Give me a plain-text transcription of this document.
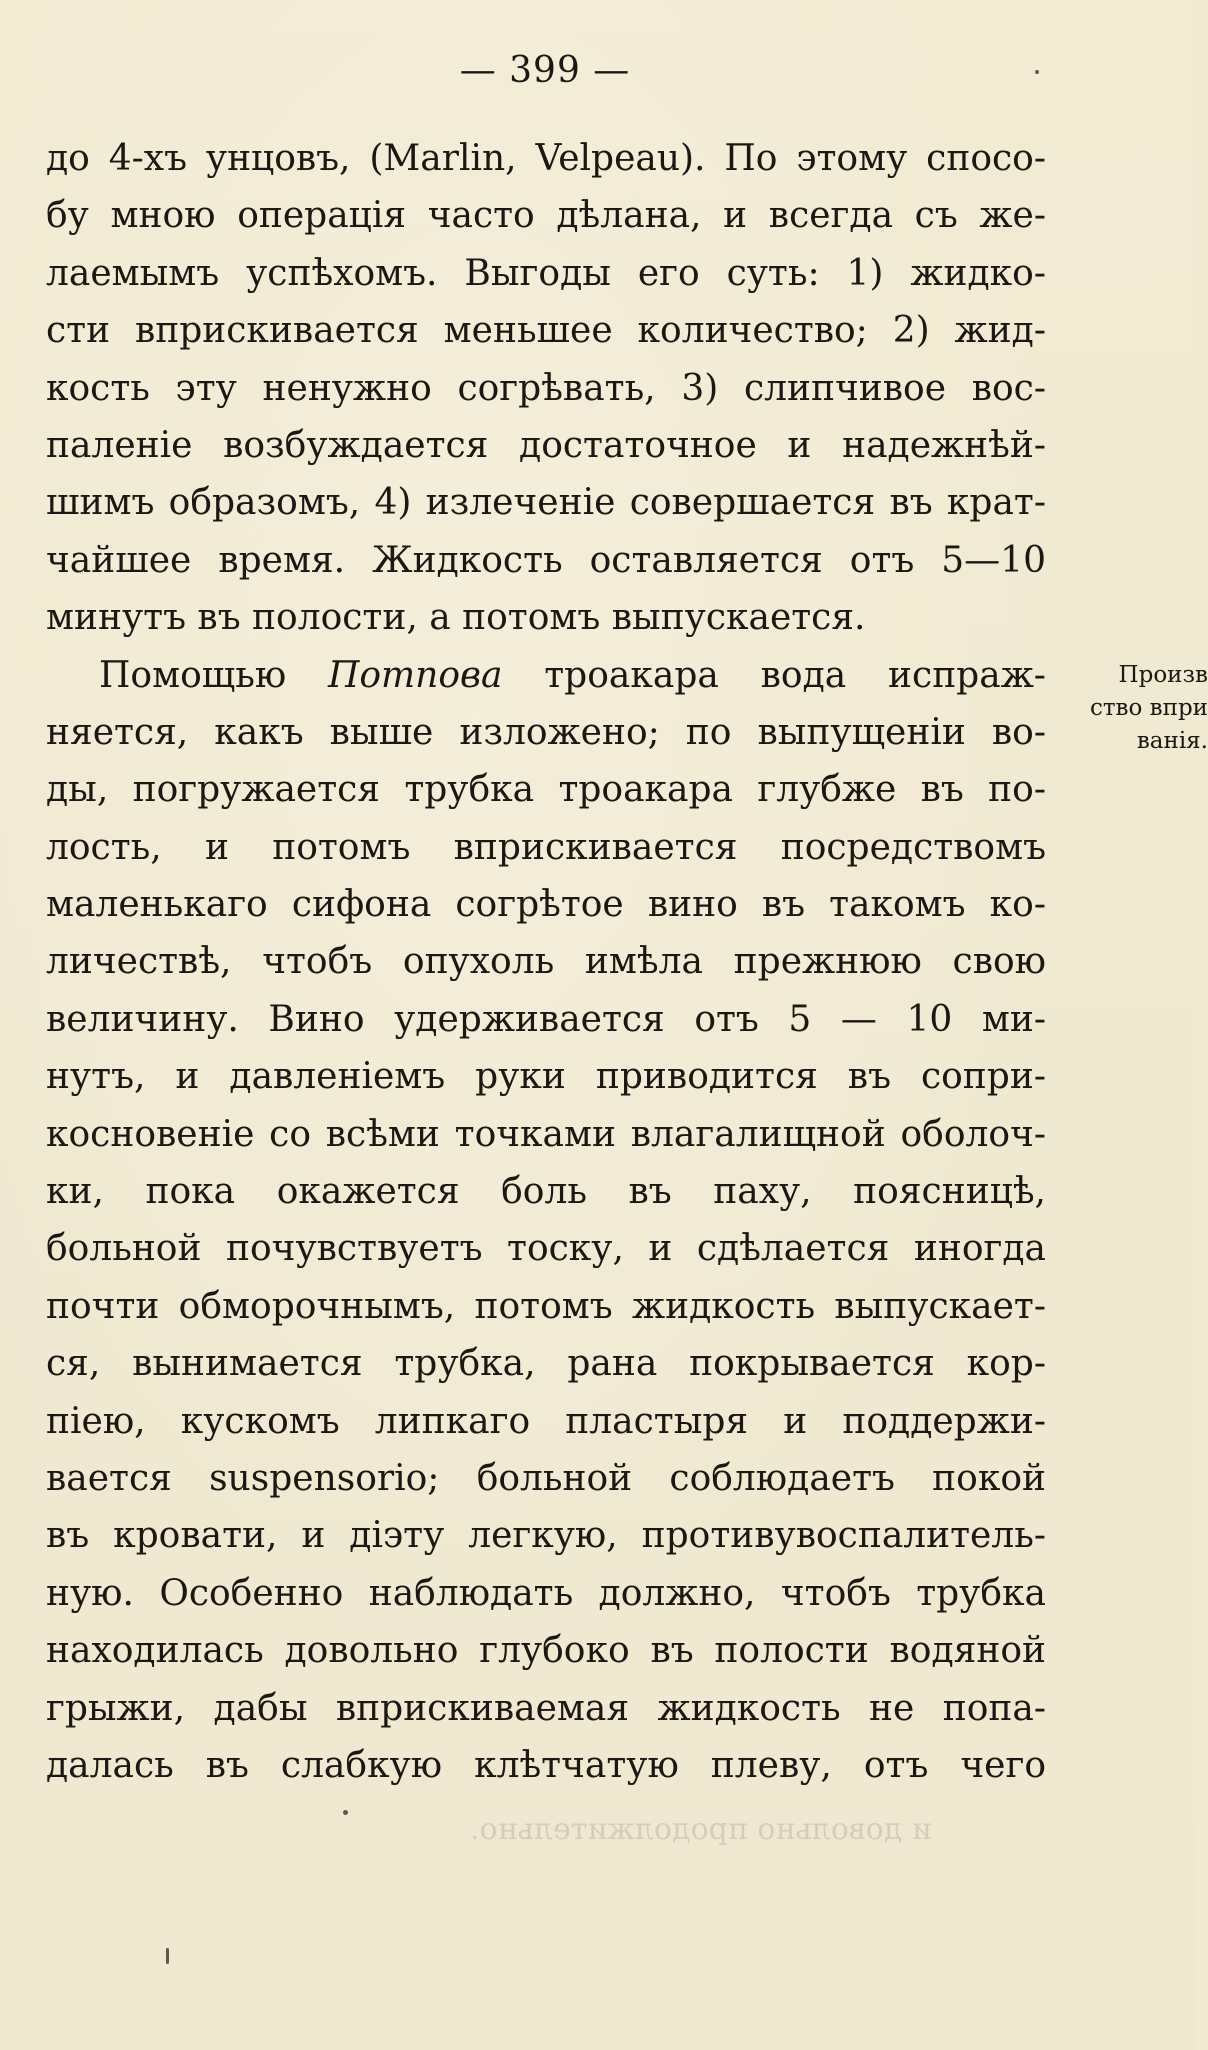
— 399 —
до 4-хъ унцовъ, (Marlin, Velpeau). По этому спосо-
бу мною операція часто дѣлана, и всегда съ же-
лаемымъ успѣхомъ. Выгоды его суть: 1) жидко-
сти вприскивается меньшее количество; 2) жид-
кость эту ненужно согрѣвать, 3) слипчивое вос-
паленіе возбуждается достаточное и надежнѣй-
шимъ образомъ, 4) излеченіе совершается въ крат-
чайшее время. Жидкость оставляется отъ 5—10
минутъ въ полости, а потомъ выпускается.
Помощью Потпова троакара вода испраж-
няется, какъ выше изложено; по выпущеніи во-
ды, погружается трубка троакара глубже въ по-
лость, и потомъ вприскивается посредствомъ
маленькаго сифона согрѣтое вино въ такомъ ко-
личествѣ, чтобъ опухоль имѣла прежнюю свою
величину. Вино удерживается отъ 5 — 10 ми-
нутъ, и давленіемъ руки приводится въ сопри-
косновеніе со всѣми точками влагалищной оболоч-
ки, пока окажется боль въ паху, поясницѣ,
больной почувствуетъ тоску, и сдѣлается иногда
почти обморочнымъ, потомъ жидкость выпускает-
ся, вынимается трубка, рана покрывается кор-
піею, кускомъ липкаго пластыря и поддержи-
вается suspensorio; больной соблюдаетъ покой
въ кровати, и діэту легкую, противувоспалитель-
ную. Особенно наблюдать должно, чтобъ трубка
находилась довольно глубоко въ полости водяной
грыжи, дабы вприскиваемая жидкость не попа-
далась въ слабкую клѣтчатую плеву, отъ чего
Произв
ство впри
ванія.
и довольно продолжительно.
